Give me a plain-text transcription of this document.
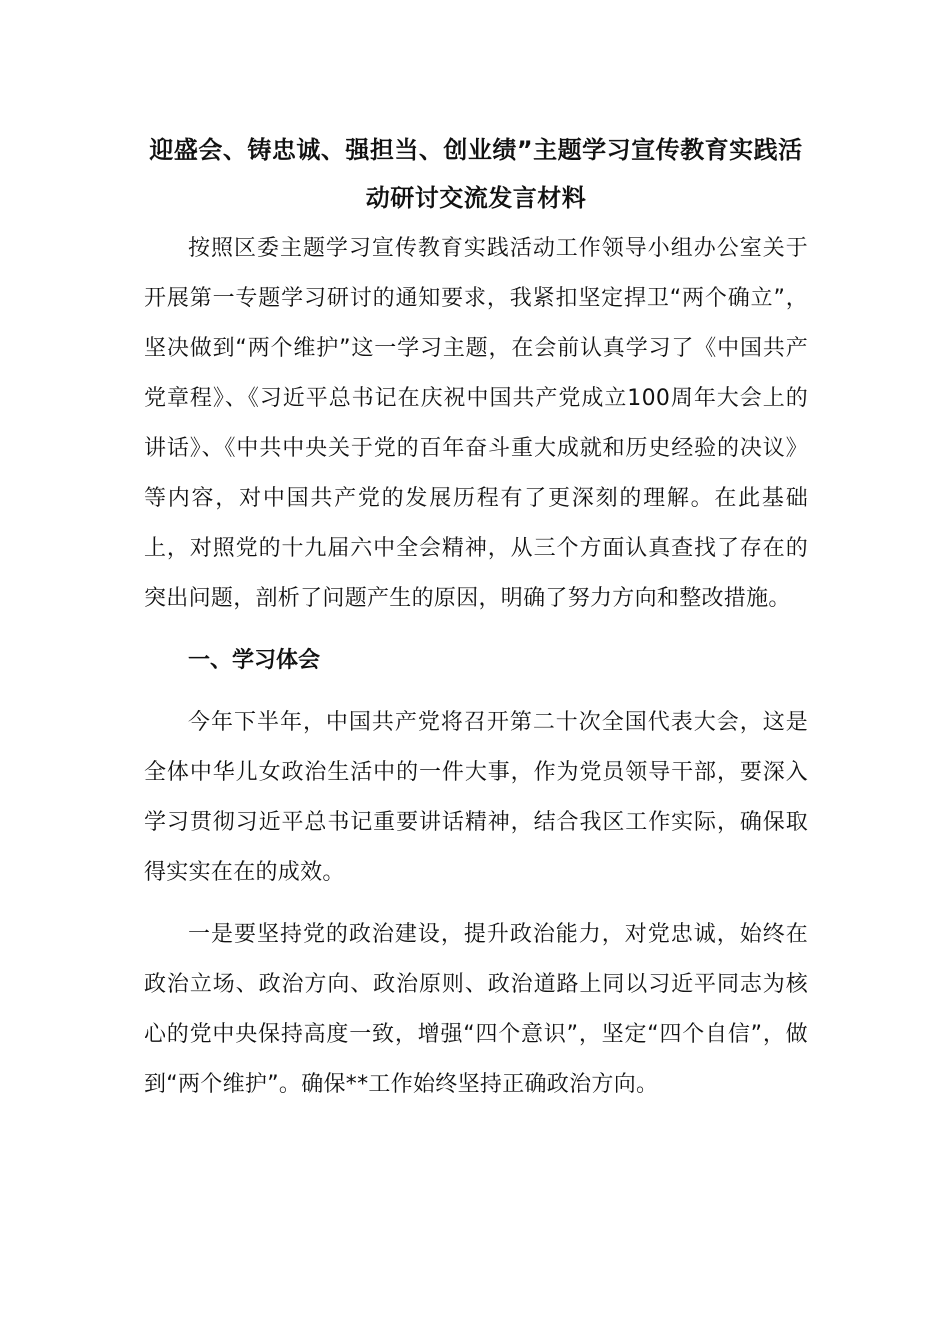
迎盛会、铸忠诚、强担当、创业绩”主题学习宣传教育实践活动研讨交流发言材料

按照区委主题学习宣传教育实践活动工作领导小组办公室关于开展第一专题学习研讨的通知要求，我紧扣坚定捍卫“两个确立”，坚决做到“两个维护”这一学习主题，在会前认真学习了《中国共产党章程》、《习近平总书记在庆祝中国共产党成立100周年大会上的讲话》、《中共中央关于党的百年奋斗重大成就和历史经验的决议》等内容，对中国共产党的发展历程有了更深刻的理解。在此基础上，对照党的十九届六中全会精神，从三个方面认真查找了存在的突出问题，剖析了问题产生的原因，明确了努力方向和整改措施。

一、学习体会

今年下半年，中国共产党将召开第二十次全国代表大会，这是全体中华儿女政治生活中的一件大事，作为党员领导干部，要深入学习贯彻习近平总书记重要讲话精神，结合我区工作实际，确保取得实实在在的成效。

一是要坚持党的政治建设，提升政治能力，对党忠诚，始终在政治立场、政治方向、政治原则、政治道路上同以习近平同志为核心的党中央保持高度一致，增强“四个意识”，坚定“四个自信”，做到“两个维护”。确保**工作始终坚持正确政治方向。
